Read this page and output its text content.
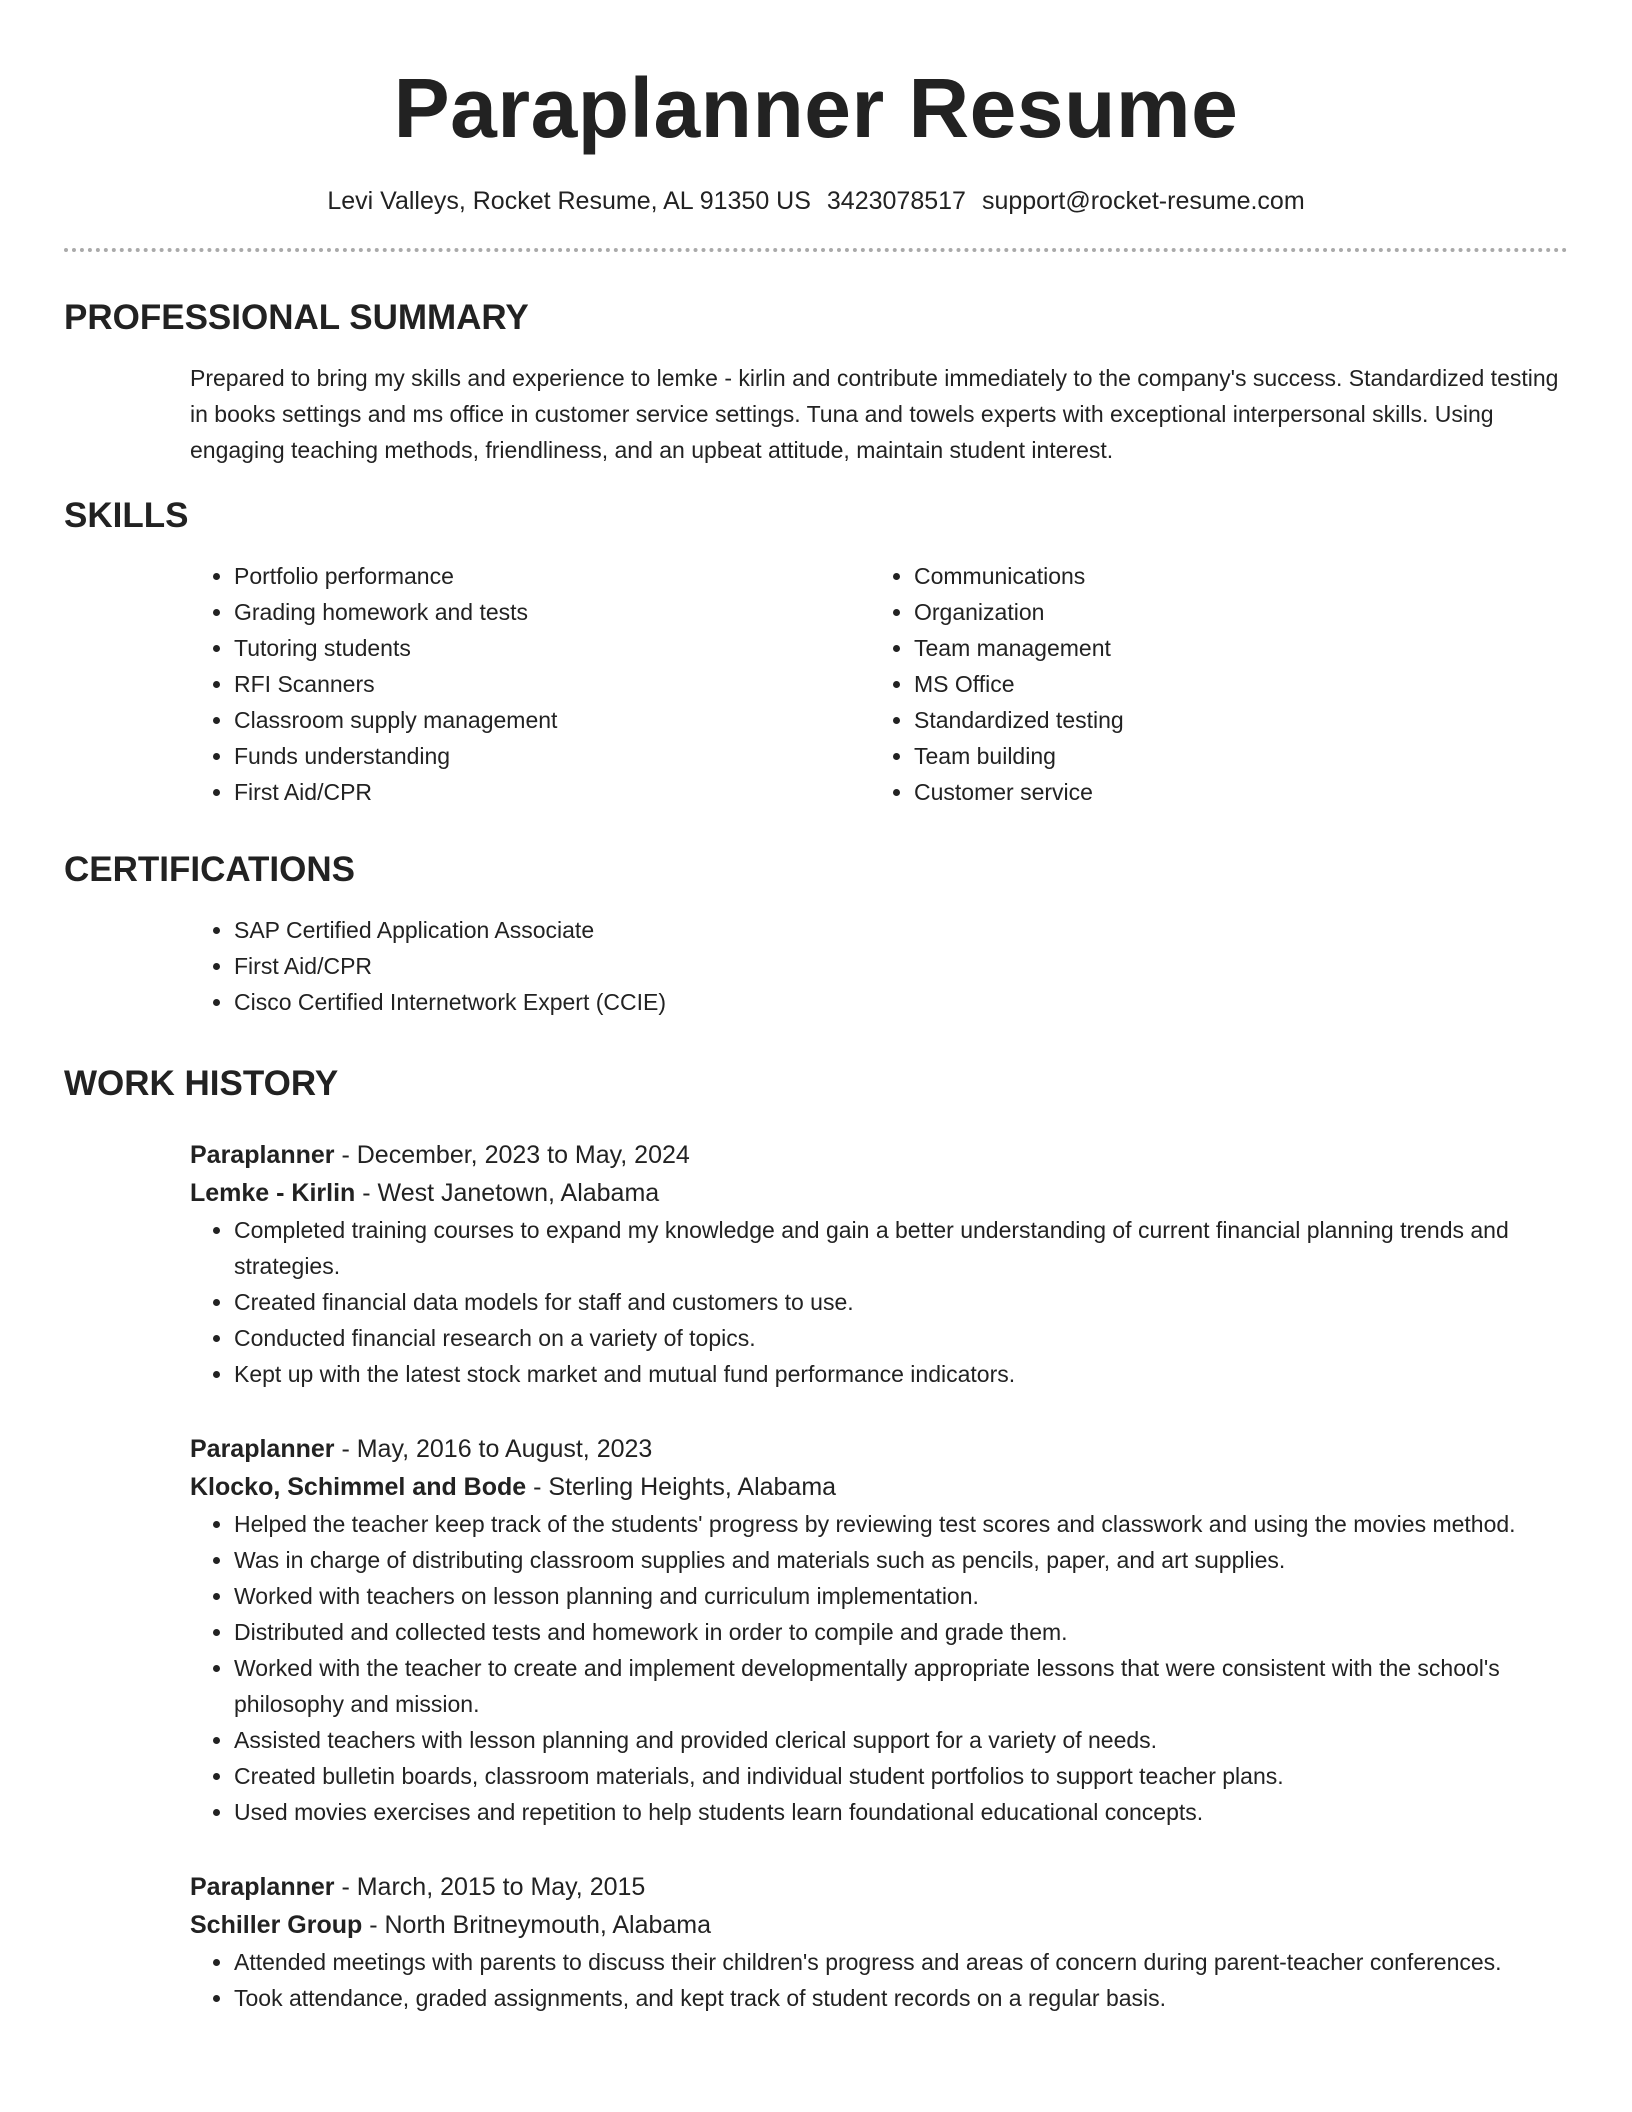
Paraplanner Resume
Levi Valleys, Rocket Resume, AL 91350 US 3423078517 support@rocket-resume.com
PROFESSIONAL SUMMARY
Prepared to bring my skills and experience to lemke - kirlin and contribute immediately to the company's success. Standardized testing in books settings and ms office in customer service settings. Tuna and towels experts with exceptional interpersonal skills. Using engaging teaching methods, friendliness, and an upbeat attitude, maintain student interest.
SKILLS
• Portfolio performance
• Grading homework and tests
• Tutoring students
• RFI Scanners
• Classroom supply management
• Funds understanding
• First Aid/CPR
• Communications
• Organization
• Team management
• MS Office
• Standardized testing
• Team building
• Customer service
CERTIFICATIONS
• SAP Certified Application Associate
• First Aid/CPR
• Cisco Certified Internetwork Expert (CCIE)
WORK HISTORY
Paraplanner - December, 2023 to May, 2024
Lemke - Kirlin - West Janetown, Alabama
• Completed training courses to expand my knowledge and gain a better understanding of current financial planning trends and strategies.
• Created financial data models for staff and customers to use.
• Conducted financial research on a variety of topics.
• Kept up with the latest stock market and mutual fund performance indicators.
Paraplanner - May, 2016 to August, 2023
Klocko, Schimmel and Bode - Sterling Heights, Alabama
• Helped the teacher keep track of the students' progress by reviewing test scores and classwork and using the movies method.
• Was in charge of distributing classroom supplies and materials such as pencils, paper, and art supplies.
• Worked with teachers on lesson planning and curriculum implementation.
• Distributed and collected tests and homework in order to compile and grade them.
• Worked with the teacher to create and implement developmentally appropriate lessons that were consistent with the school's philosophy and mission.
• Assisted teachers with lesson planning and provided clerical support for a variety of needs.
• Created bulletin boards, classroom materials, and individual student portfolios to support teacher plans.
• Used movies exercises and repetition to help students learn foundational educational concepts.
Paraplanner - March, 2015 to May, 2015
Schiller Group - North Britneymouth, Alabama
• Attended meetings with parents to discuss their children's progress and areas of concern during parent-teacher conferences.
• Took attendance, graded assignments, and kept track of student records on a regular basis.
